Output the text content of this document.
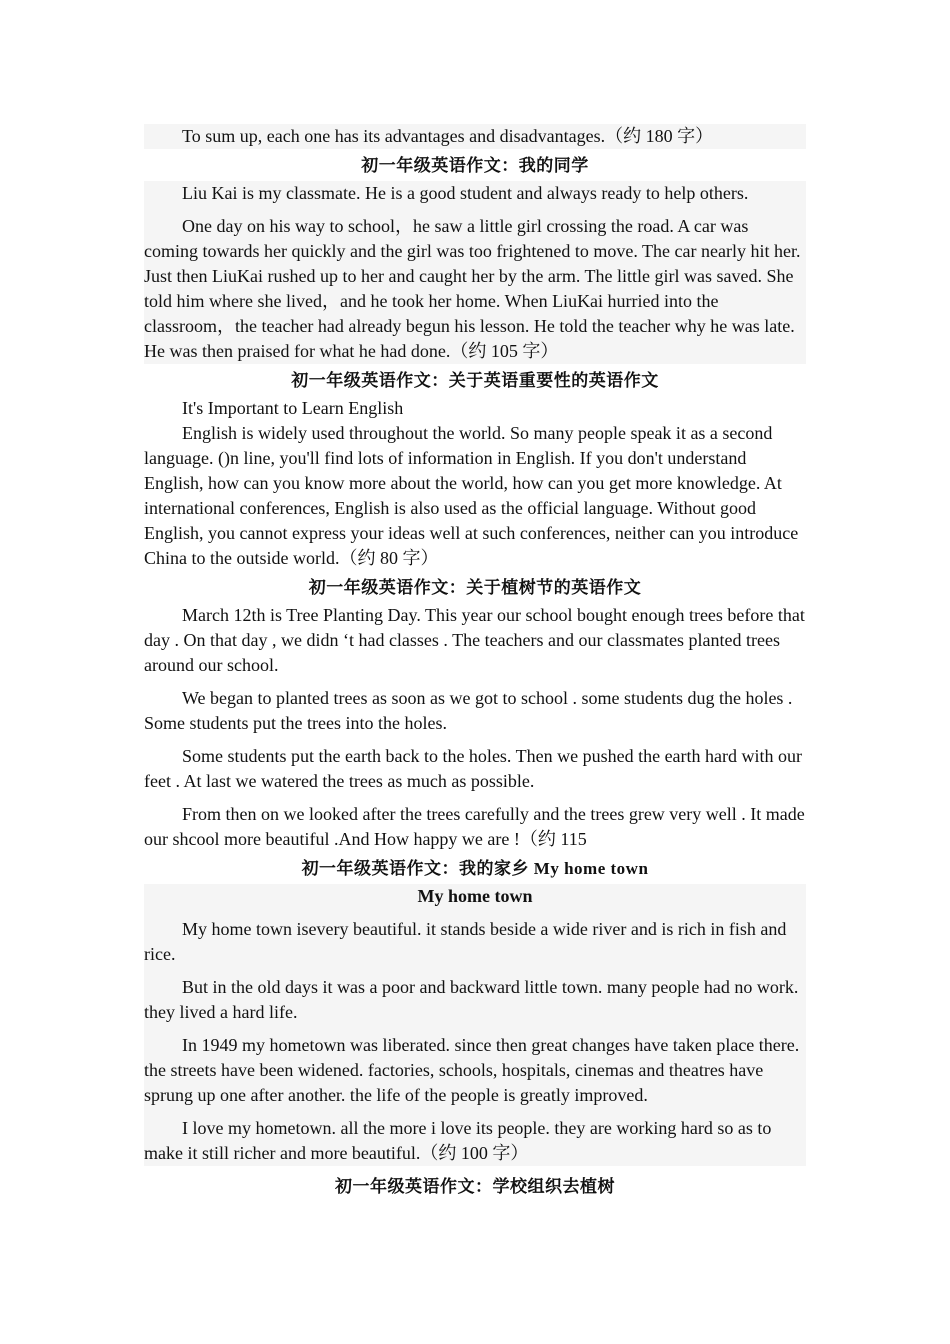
To sum up, each one has its advantages and disadvantages.（约 180 字）

初一年级英语作文：我的同学

Liu Kai is my classmate. He is a good student and always ready to help others.

One day on his way to school，he saw a little girl crossing the road. A car was coming towards her quickly and the girl was too frightened to move. The car nearly hit her. Just then LiuKai rushed up to her and caught her by the arm. The little girl was saved. She told him where she lived，and he took her home. When LiuKai hurried into the classroom，the teacher had already begun his lesson. He told the teacher why he was late. He was then praised for what he had done.（约 105 字）

初一年级英语作文：关于英语重要性的英语作文

It's Important to Learn English

English is widely used throughout the world. So many people speak it as a second language. ()n line, you'll find lots of information in English. If you don't understand English, how can you know more about the world, how can you get more knowledge. At international conferences, English is also used as the official language. Without good English, you cannot express your ideas well at such conferences, neither can you introduce China to the outside world.（约 80 字）

初一年级英语作文：关于植树节的英语作文

March 12th is Tree Planting Day. This year our school bought enough trees before that day . On that day , we didn ‘t had classes . The teachers and our classmates planted trees around our school.

We began to planted trees as soon as we got to school . some students dug the holes . Some students put the trees into the holes.

Some students put the earth back to the holes. Then we pushed the earth hard with our feet . At last we watered the trees as much as possible.

From then on we looked after the trees carefully and the trees grew very well . It made our shcool more beautiful .And How happy we are !（约 115

初一年级英语作文：我的家乡 My home town

My home town

My home town isevery beautiful. it stands beside a wide river and is rich in fish and rice.

But in the old days it was a poor and backward little town. many people had no work. they lived a hard life.

In 1949 my hometown was liberated. since then great changes have taken place there. the streets have been widened. factories, schools, hospitals, cinemas and theatres have sprung up one after another. the life of the people is greatly improved.

I love my hometown. all the more i love its people. they are working hard so as to make it still richer and more beautiful.（约 100 字）

初一年级英语作文：学校组织去植树
